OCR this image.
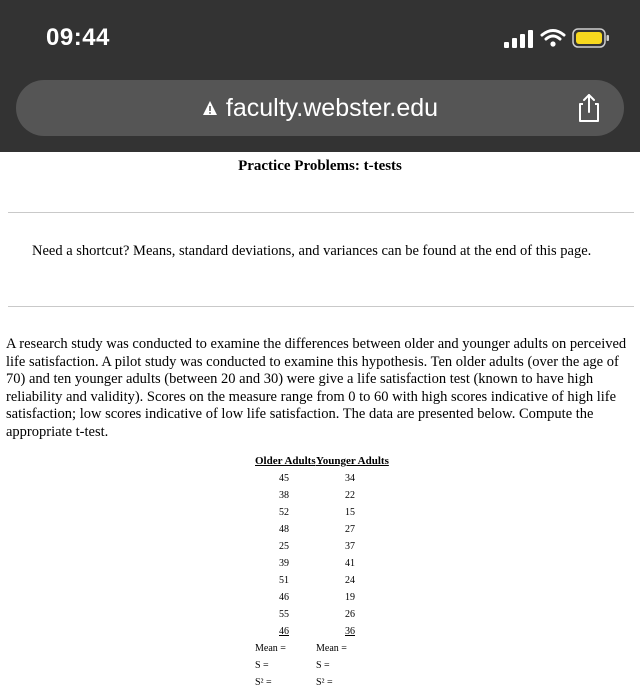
09:44
faculty.webster.edu
Practice Problems: t-tests
Need a shortcut? Means, standard deviations, and variances can be found at the end of this page.
A research study was conducted to examine the differences between older and younger adults on perceived life satisfaction. A pilot study was conducted to examine this hypothesis. Ten older adults (over the age of 70) and ten younger adults (between 20 and 30) were give a life satisfaction test (known to have high reliability and validity). Scores on the measure range from 0 to 60 with high scores indicative of high life satisfaction; low scores indicative of low life satisfaction. The data are presented below. Compute the appropriate t-test.
Older Adults Younger Adults
45
38
52
48
25
39
51
46
55
46
34
22
15
27
37
41
24
19
26
36
Mean =
S =
S² =
Mean =
S =
S² =
